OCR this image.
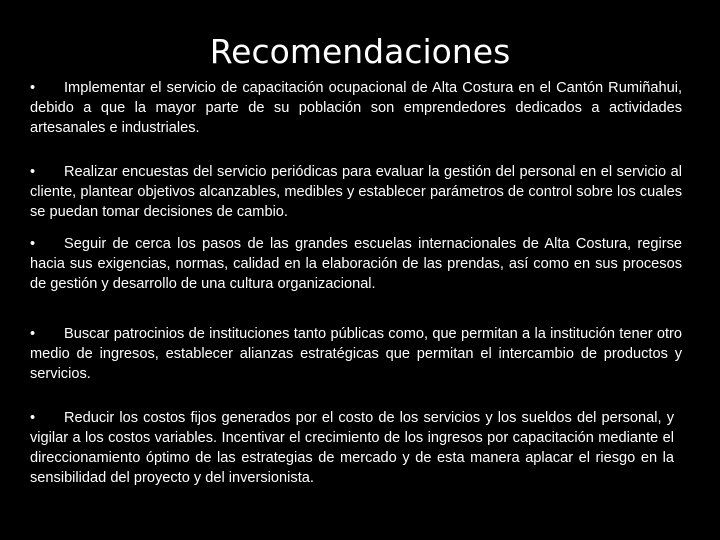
Recomendaciones

• Implementar el servicio de capacitación ocupacional de Alta Costura en el Cantón Rumiñahui, debido a que la mayor parte de su población son emprendedores dedicados a actividades artesanales e industriales.

• Realizar encuestas del servicio periódicas para evaluar la gestión del personal en el servicio al cliente, plantear objetivos alcanzables, medibles y establecer parámetros de control sobre los cuales se puedan tomar decisiones de cambio.

• Seguir de cerca los pasos de las grandes escuelas internacionales de Alta Costura, regirse hacia sus exigencias, normas, calidad en la elaboración de las prendas, así como en sus procesos de gestión y desarrollo de una cultura organizacional.

• Buscar patrocinios de instituciones tanto públicas como, que permitan a la institución tener otro medio de ingresos, establecer alianzas estratégicas que permitan el intercambio de productos y servicios.

• Reducir los costos fijos generados por el costo de los servicios y los sueldos del personal, y vigilar a los costos variables. Incentivar el crecimiento de los ingresos por capacitación mediante el direccionamiento óptimo de las estrategias de mercado y de esta manera aplacar el riesgo en la sensibilidad del proyecto y del inversionista.
